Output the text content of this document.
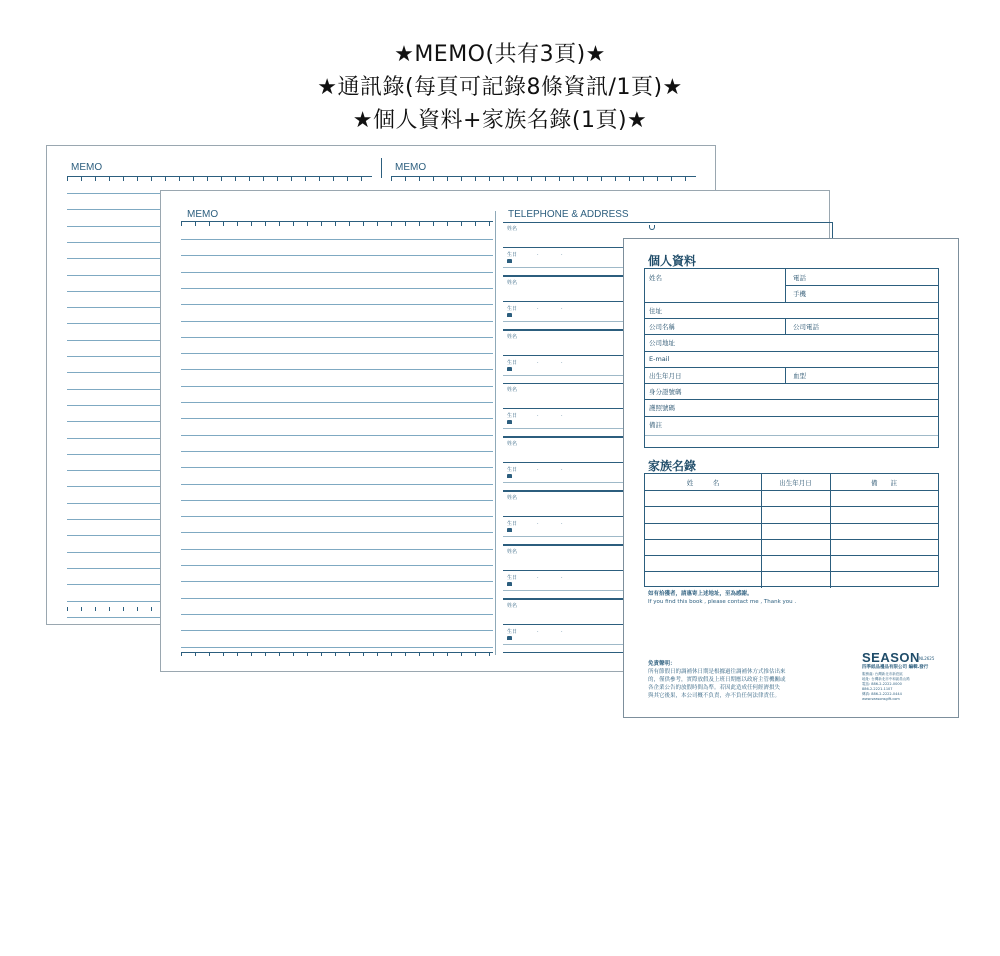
★MEMO(共有3頁)★
★通訊錄(每頁可記錄8條資訊/1頁)★
★個人資料+家族名錄(1頁)★
MEMO	MEMO
MEMO	TELEPHONE & ADDRESS
姓名
生日	.	.
姓名
生日	.	.
姓名
生日	.	.
姓名
生日	.	.
姓名
生日	.	.
姓名
生日	.	.
姓名
生日	.	.
姓名
生日	.	.
個人資料
姓名	電話
手機
住址
公司名稱	公司電話
公司地址
E-mail
出生年月日	血型
身分證號碼
護照號碼
備註
家族名錄
姓　　　名	出生年月日	備　　註
如有拾獲者，請惠寄上述地址，至為感謝。
If you find this book , please contact me , Thank you .
免責聲明：
所有節假日的調補休日期是根據過往調補休方式推估出來
的，僅供參考，實際放假及上班日期應以政府主管機關或
各企業公告的放假時間為準。若因此造成任何經濟損失
與其它後果，本公司概不負責，亦不負任何法律責任。
SEASON NL2625
四季紙品禮品有限公司 編輯.發行
服務處: 台灣新北市新莊區
地址: 台灣新北市中和區員山路
電話: 886-2-2222-0000
886-2-2221-1107
傳真: 886-2-2222-0444
www.seasonsgift.com
